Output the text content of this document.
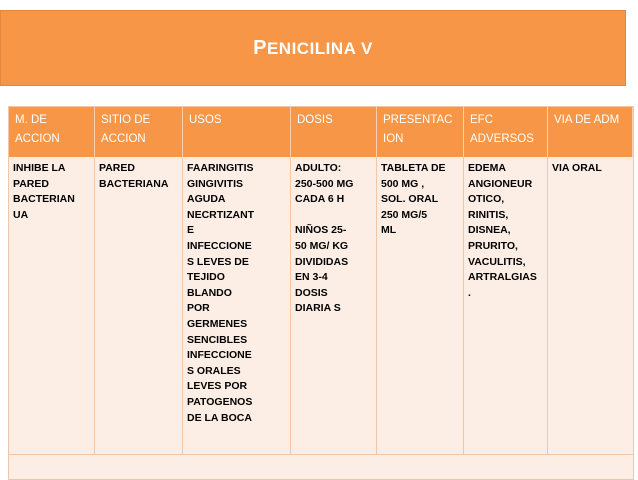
PENICILINA V
M. DE ACCION
SITIO DE ACCION
USOS	DOSIS	PRESENTAC ION
EFC ADVERSOS
VIA DE ADM
INHIBE LA
PARED
BACTERIAN
UA
PARED
BACTERIANA
FAARINGITIS
GINGIVITIS
AGUDA
NECRTIZANT
E
INFECCIONE
S LEVES DE
TEJIDO
BLANDO
POR
GERMENES
SENCIBLES
INFECCIONE
S ORALES
LEVES POR
PATOGENOS
DE LA BOCA
ADULTO:
250-500 MG
CADA 6 H

NIÑOS 25-
50 MG/ KG
DIVIDIDAS
EN 3-4
DOSIS
DIARIA S
TABLETA DE
500 MG ,
SOL. ORAL
250 MG/5
ML
EDEMA
ANGIONEUR
OTICO,
RINITIS,
DISNEA,
PRURITO,
VACULITIS,
ARTRALGIAS
.
VIA ORAL
